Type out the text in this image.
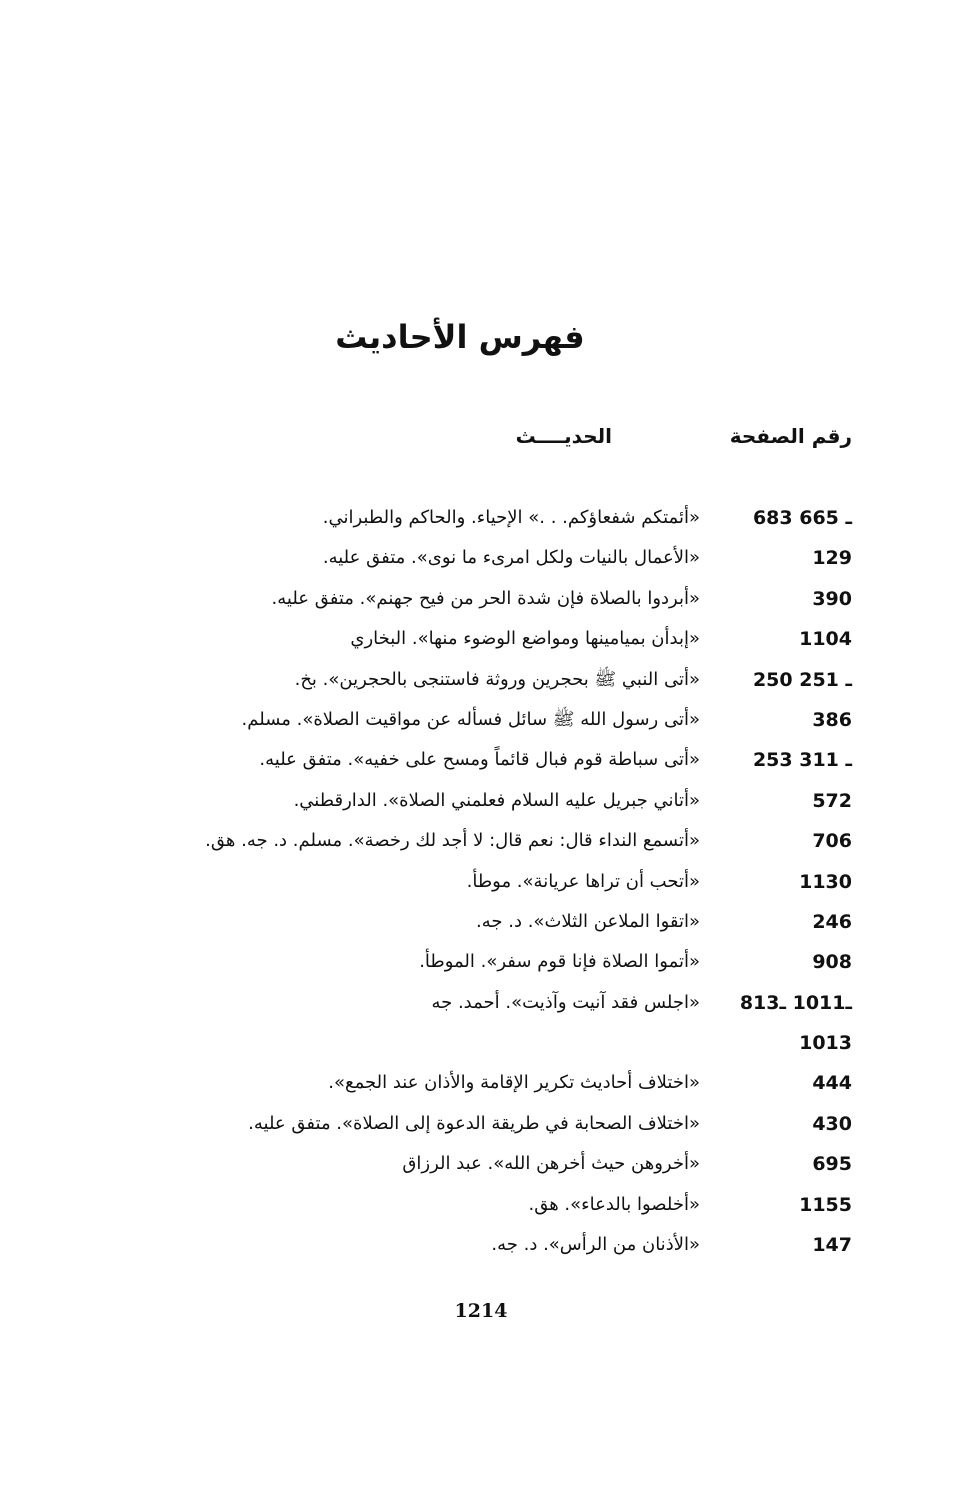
فهرس الأحاديث
رقم الصفحة
الحديــــث
683 ـ 665
«أئمتكم شفعاؤكم. . .» الإحياء. والحاكم والطبراني.
129
«الأعمال بالنيات ولكل امرىء ما نوى». متفق عليه.
390
«أبردوا بالصلاة فإن شدة الحر من فيح جهنم». متفق عليه.
1104
«إبدأن بميامينها ومواضع الوضوء منها». البخاري
250 ـ 251
«أتى النبي ﷺ بحجرين وروثة فاستنجى بالحجرين». بخ.
386
«أتى رسول الله ﷺ سائل فسأله عن مواقيت الصلاة». مسلم.
253 ـ 311
«أتى سباطة قوم فبال قائماً ومسح على خفيه». متفق عليه.
572
«أتاني جبريل عليه السلام فعلمني الصلاة». الدارقطني.
706
«أتسمع النداء قال: نعم قال: لا أجد لك رخصة». مسلم. د. جه. هق.
1130
«أتحب أن تراها عريانة». موطأ.
246
«اتقوا الملاعن الثلاث». د. جه.
908
«أتموا الصلاة فإنا قوم سفر». الموطأ.
813ـ1011 ـ
«اجلس فقد آنيت وآذيت». أحمد. جه
1013
444
«اختلاف أحاديث تكرير الإقامة والأذان عند الجمع».
430
«اختلاف الصحابة في طريقة الدعوة إلى الصلاة». متفق عليه.
695
«أخروهن حيث أخرهن الله». عبد الرزاق
1155
«أخلصوا بالدعاء». هق.
147
«الأذنان من الرأس». د. جه.
1214
